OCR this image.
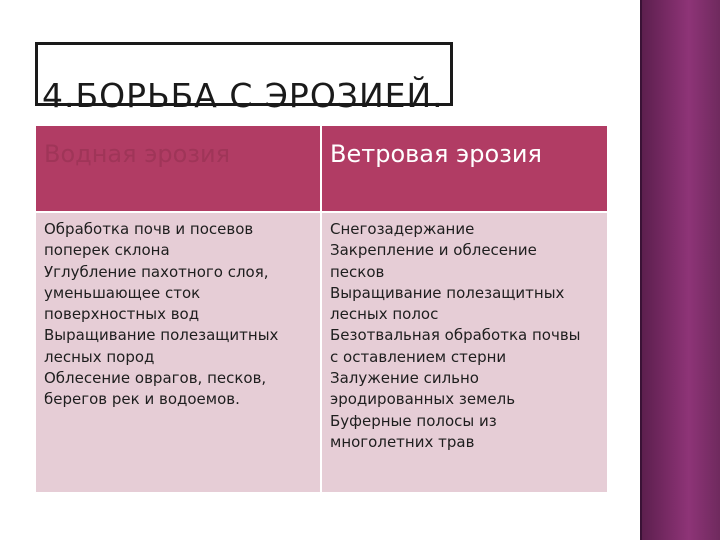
4.БОРЬБА С ЭРОЗИЕЙ.
Водная эрозия	Ветровая эрозия
Обработка почв и посевов
поперек склона
Углубление пахотного слоя,
уменьшающее сток
поверхностных вод
Выращивание полезащитных
лесных пород
Облесение оврагов, песков,
берегов рек и водоемов.
Снегозадержание
Закрепление и облесение
песков
Выращивание полезащитных
лесных полос
Безотвальная обработка почвы
с оставлением стерни
Залужение сильно
эродированных земель
Буферные полосы из
многолетних трав
